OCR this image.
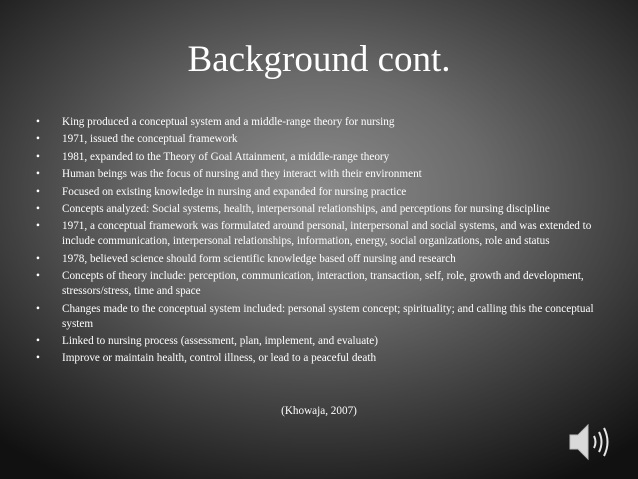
Background cont.
• King produced a conceptual system and a middle-range theory for nursing
• 1971, issued the conceptual framework
• 1981, expanded to the Theory of Goal Attainment, a middle-range theory
• Human beings was the focus of nursing and they interact with their environment
• Focused on existing knowledge in nursing and expanded for nursing practice
• Concepts analyzed: Social systems, health, interpersonal relationships, and perceptions for nursing discipline
• 1971, a conceptual framework was formulated around personal, interpersonal and social systems, and was extended to include communication, interpersonal relationships, information, energy, social organizations, role and status
• 1978, believed science should form scientific knowledge based off nursing and research
• Concepts of theory include: perception, communication, interaction, transaction, self, role, growth and development, stressors/stress, time and space
• Changes made to the conceptual system included: personal system concept; spirituality; and calling this the conceptual system
• Linked to nursing process (assessment, plan, implement, and evaluate)
• Improve or maintain health, control illness, or lead to a peaceful death
(Khowaja, 2007)
